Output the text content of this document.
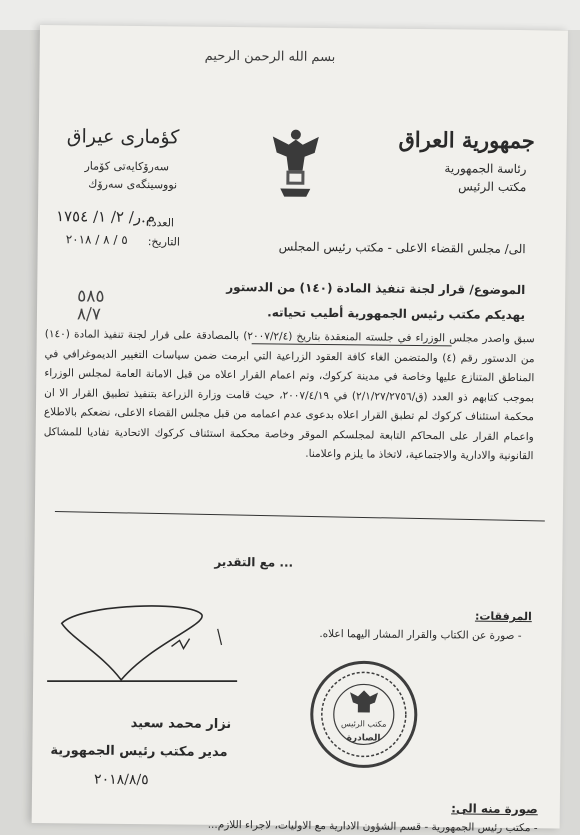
بسم الله الرحمن الرحيم
جمهورية العراق
رئاسة الجمهورية
مكتب الرئيس
كؤمارى عيراق
سەرۆكايەتى كۆمار
نووسينگەى سەرۆك
العدد:
م.ر/ ٢/ ١/ ١٧٥٤
التاريخ:
٥ / ٨ / ٢٠١٨	الى/ مجلس القضاء الاعلى - مكتب رئيس المجلس
الموضوع/ قرار لجنة تنفيذ المادة (١٤٠) من الدستور
٥٨٥
٨/٧	يهديكم مكتب رئيس الجمهورية أطيب تحياته.
سبق واصدر مجلس الوزراء في جلسته المنعقدة بتاريخ (٢٠٠٧/٢/٤) بالمصادقة على قرار لجنة تنفيذ المادة (١٤٠) من الدستور رقم (٤) والمتضمن الغاء كافة العقود الزراعية التي ابرمت ضمن سياسات التغيير الديموغرافي في المناطق المتنازع عليها وخاصة في مدينة كركوك، وتم اعمام القرار اعلاه من قبل الامانة العامة لمجلس الوزراء بموجب كتابهم ذو العدد (ق/٢/١/٢٧/٢٧٥٦) في ٢٠٠٧/٤/١٩، حيث قامت وزارة الزراعة بتنفيذ تطبيق القرار الا ان محكمة استئناف كركوك لم تطبق القرار اعلاه بدعوى عدم اعمامه من قبل مجلس القضاء الاعلى، نضعكم بالاطلاع واعمام القرار على المحاكم التابعة لمجلسكم الموقر وخاصة محكمة استئناف كركوك الاتحادية تفاديا للمشاكل القانونية والادارية والاجتماعية، لاتخاذ ما يلزم واعلامنا.
... مع التقدير
المرفقات:
- صورة عن الكتاب والقرار المشار اليهما اعلاه.
نزار محمد سعيد
مدير مكتب رئيس الجمهورية
٢٠١٨/٨/٥
مكتب الرئيس
الصادرة
صورة منه الى:
- مكتب رئيس الجمهورية - قسم الشؤون الادارية مع الاوليات، لاجراء اللازم...
